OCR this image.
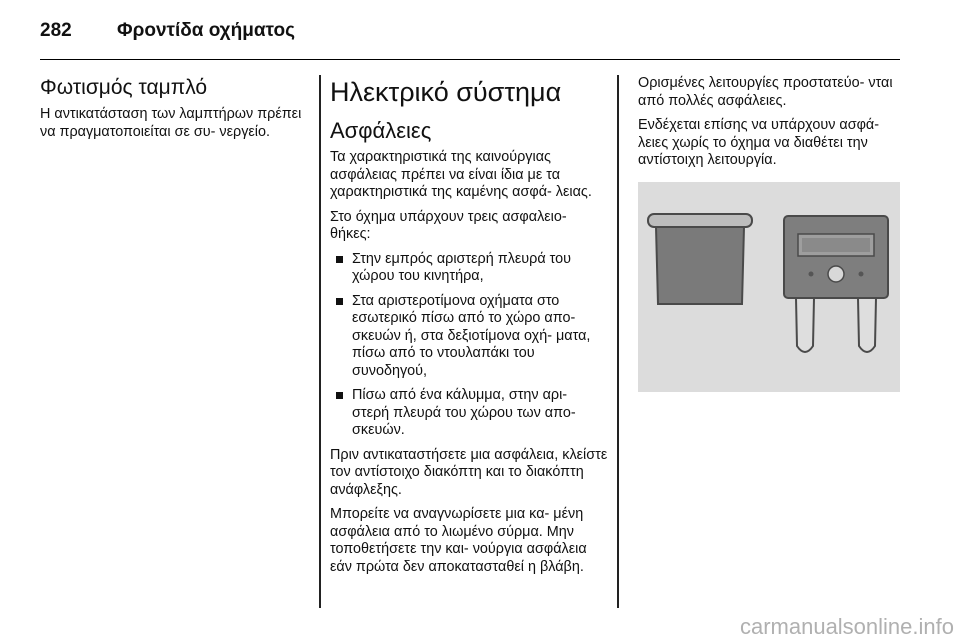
282 Φροντίδα οχήματος
Φωτισμός ταμπλό

Η αντικατάσταση των λαμπτήρων πρέπει να πραγματοποιείται σε συ‐ νεργείο.

Ηλεκτρικό σύστημα
Ασφάλειες

Τα χαρακτηριστικά της καινούργιας ασφάλειας πρέπει να είναι ίδια με τα χαρακτηριστικά της καμένης ασφά‐ λειας.

Στο όχημα υπάρχουν τρεις ασφαλειο‐ θήκες:

Στην εμπρός αριστερή πλευρά του χώρου του κινητήρα,
Στα αριστεροτίμονα οχήματα στο εσωτερικό πίσω από το χώρο απο‐ σκευών ή, στα δεξιοτίμονα οχή‐ ματα, πίσω από το ντουλαπάκι του συνοδηγού,
Πίσω από ένα κάλυμμα, στην αρι‐ στερή πλευρά του χώρου των απο‐ σκευών.

Πριν αντικαταστήσετε μια ασφάλεια, κλείστε τον αντίστοιχο διακόπτη και το διακόπτη ανάφλεξης.

Μπορείτε να αναγνωρίσετε μια κα‐ μένη ασφάλεια από το λιωμένο σύρμα. Μην τοποθετήσετε την και‐ νούργια ασφάλεια εάν πρώτα δεν αποκατασταθεί η βλάβη.

Ορισμένες λειτουργίες προστατεύο‐ νται από πολλές ασφάλειες.

Ενδέχεται επίσης να υπάρχουν ασφά‐ λειες χωρίς το όχημα να διαθέτει την αντίστοιχη λειτουργία.

carmanualsonline.info
